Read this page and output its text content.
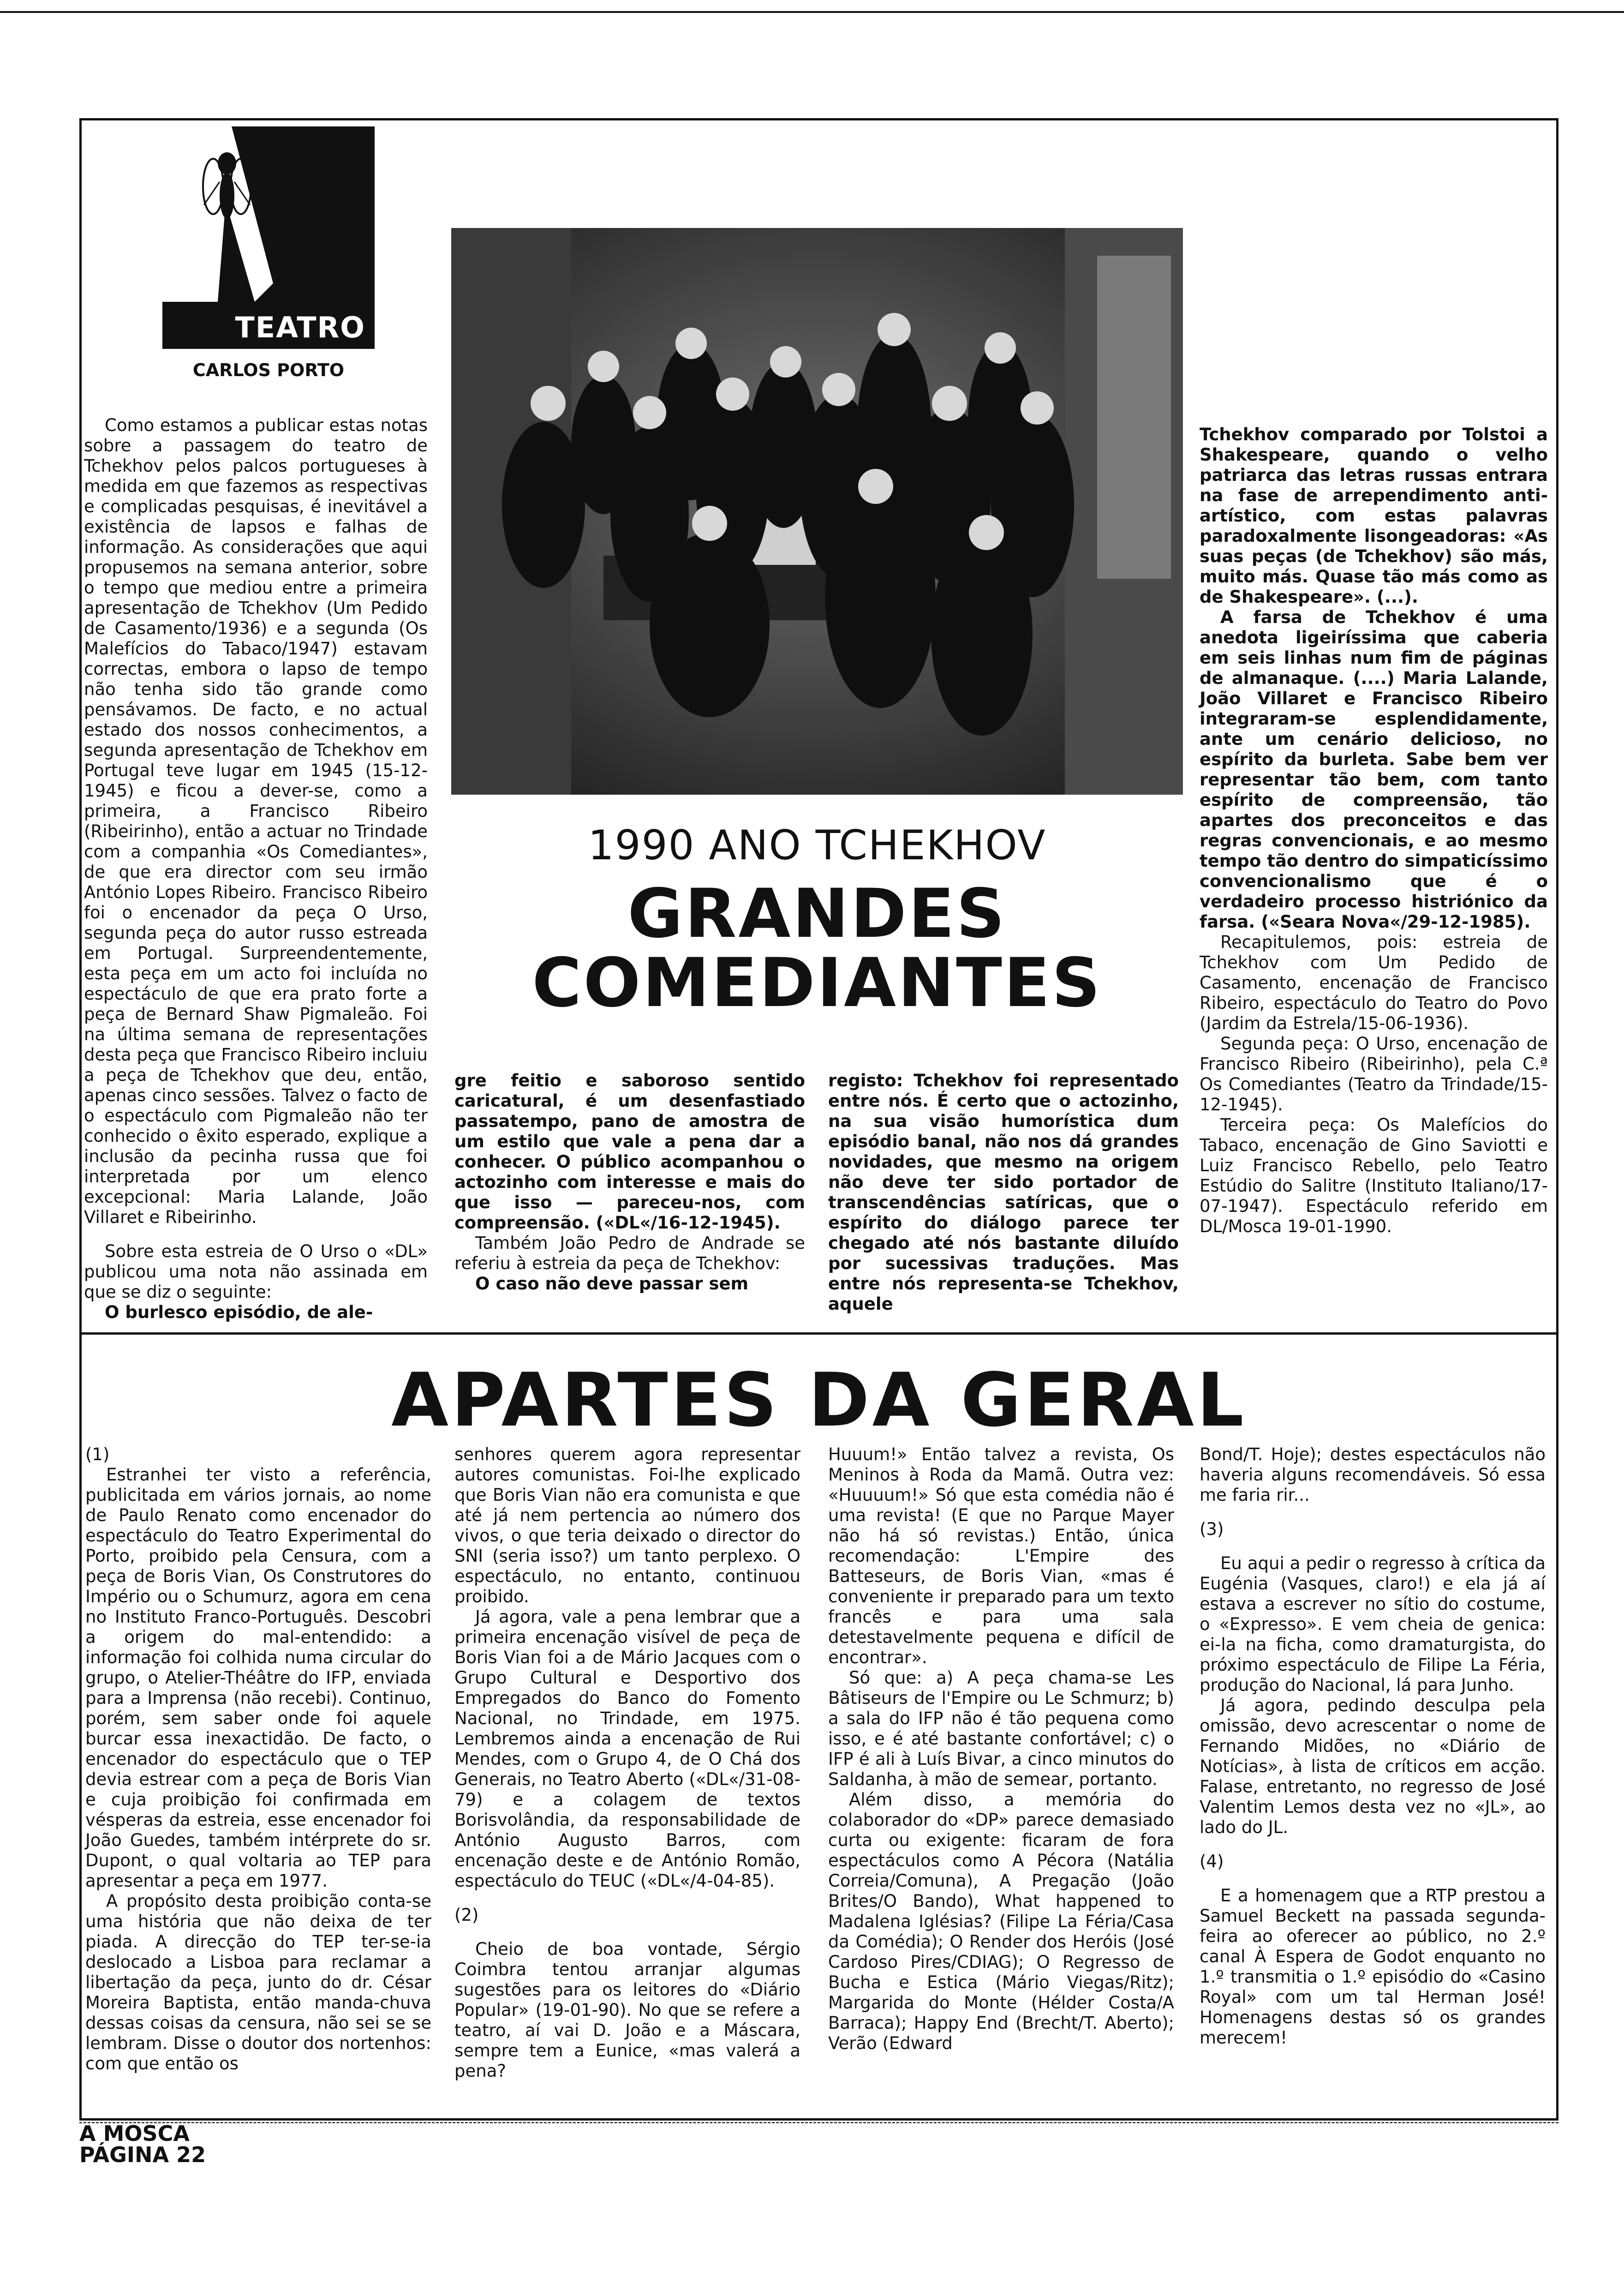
TEATRO
CARLOS PORTO
1990 ANO TCHEKHOV
GRANDES
COMEDIANTES

Como estamos a publicar estas notas sobre a passagem do teatro de Tchekhov pelos palcos portugueses à medida em que fazemos as respectivas e complicadas pesquisas, é inevitável a existência de lapsos e falhas de informação. As considerações que aqui propusemos na semana anterior, sobre o tempo que mediou entre a primeira apresentação de Tchekhov (Um Pedido de Casamento/1936) e a segunda (Os Malefícios do Tabaco/1947) estavam correctas, embora o lapso de tempo não tenha sido tão grande como pensávamos. De facto, e no actual estado dos nossos conhecimentos, a segunda apresentação de Tchekhov em Portugal teve lugar em 1945 (15-12-1945) e ficou a dever-se, como a primeira, a Francisco Ribeiro (Ribeirinho), então a actuar no Trindade com a companhia «Os Comediantes», de que era director com seu irmão António Lopes Ribeiro. Francisco Ribeiro foi o encenador da peça O Urso, segunda peça do autor russo estreada em Portugal. Surpreendentemente, esta peça em um acto foi incluída no espectáculo de que era prato forte a peça de Bernard Shaw Pigmaleão. Foi na última semana de representações desta peça que Francisco Ribeiro incluiu a peça de Tchekhov que deu, então, apenas cinco sessões. Talvez o facto de o espectáculo com Pigmaleão não ter conhecido o êxito esperado, explique a inclusão da pecinha russa que foi interpretada por um elenco excepcional: Maria Lalande, João Villaret e Ribeirinho.

Sobre esta estreia de O Urso o «DL» publicou uma nota não assinada em que se diz o seguinte:

O burlesco episódio, de ale-

gre feitio e saboroso sentido caricatural, é um desenfastiado passatempo, pano de amostra de um estilo que vale a pena dar a conhecer. O público acompanhou o actozinho com interesse e mais do que isso — pareceu-nos, com compreensão. («DL«/16-12-1945).

Também João Pedro de Andrade se referiu à estreia da peça de Tchekhov:

O caso não deve passar sem

registo: Tchekhov foi representado entre nós. É certo que o actozinho, na sua visão humorística dum episódio banal, não nos dá grandes novidades, que mesmo na origem não deve ter sido portador de transcendências satíricas, que o espírito do diálogo parece ter chegado até nós bastante diluído por sucessivas traduções. Mas entre nós representa-se Tchekhov, aquele

Tchekhov comparado por Tolstoi a Shakespeare, quando o velho patriarca das letras russas entrara na fase de arrependimento anti-artístico, com estas palavras paradoxalmente lisongeadoras: «As suas peças (de Tchekhov) são más, muito más. Quase tão más como as de Shakespeare». (...).

A farsa de Tchekhov é uma anedota ligeiríssima que caberia em seis linhas num fim de páginas de almanaque. (....) Maria Lalande, João Villaret e Francisco Ribeiro integraram-se esplendidamente, ante um cenário delicioso, no espírito da burleta. Sabe bem ver representar tão bem, com tanto espírito de compreensão, tão apartes dos preconceitos e das regras convencionais, e ao mesmo tempo tão dentro do simpaticíssimo convencionalismo que é o verdadeiro processo histriónico da farsa. («Seara Nova«/29-12-1985).

Recapitulemos, pois: estreia de Tchekhov com Um Pedido de Casamento, encenação de Francisco Ribeiro, espectáculo do Teatro do Povo (Jardim da Estrela/15-06-1936).

Segunda peça: O Urso, encenação de Francisco Ribeiro (Ribeirinho), pela C.ª Os Comediantes (Teatro da Trindade/15-12-1945).

Terceira peça: Os Malefícios do Tabaco, encenação de Gino Saviotti e Luiz Francisco Rebello, pelo Teatro Estúdio do Salitre (Instituto Italiano/17-07-1947). Espectáculo referido em DL/Mosca 19-01-1990.

APARTES DA GERAL

(1)

Estranhei ter visto a referência, publicitada em vários jornais, ao nome de Paulo Renato como encenador do espectáculo do Teatro Experimental do Porto, proibido pela Censura, com a peça de Boris Vian, Os Construtores do Império ou o Schumurz, agora em cena no Instituto Franco-Português. Descobri a origem do mal-entendido: a informação foi colhida numa circular do grupo, o Atelier-Théâtre do IFP, enviada para a Imprensa (não recebi). Continuo, porém, sem saber onde foi aquele burcar essa inexactidão. De facto, o encenador do espectáculo que o TEP devia estrear com a peça de Boris Vian e cuja proibição foi confirmada em vésperas da estreia, esse encenador foi João Guedes, também intérprete do sr. Dupont, o qual voltaria ao TEP para apresentar a peça em 1977.

A propósito desta proibição conta-se uma história que não deixa de ter piada. A direcção do TEP ter-se-ia deslocado a Lisboa para reclamar a libertação da peça, junto do dr. César Moreira Baptista, então manda-chuva dessas coisas da censura, não sei se se lembram. Disse o doutor dos nortenhos: com que então os

senhores querem agora representar autores comunistas. Foi-lhe explicado que Boris Vian não era comunista e que até já nem pertencia ao número dos vivos, o que teria deixado o director do SNI (seria isso?) um tanto perplexo. O espectáculo, no entanto, continuou proibido.

Já agora, vale a pena lembrar que a primeira encenação visível de peça de Boris Vian foi a de Mário Jacques com o Grupo Cultural e Desportivo dos Empregados do Banco do Fomento Nacional, no Trindade, em 1975. Lembremos ainda a encenação de Rui Mendes, com o Grupo 4, de O Chá dos Generais, no Teatro Aberto («DL«/31-08-79) e a colagem de textos Borisvolândia, da responsabilidade de António Augusto Barros, com encenação deste e de António Romão, espectáculo do TEUC («DL«/4-04-85).

(2)

Cheio de boa vontade, Sérgio Coimbra tentou arranjar algumas sugestões para os leitores do «Diário Popular» (19-01-90). No que se refere a teatro, aí vai D. João e a Máscara, sempre tem a Eunice, «mas valerá a pena?

Huuum!» Então talvez a revista, Os Meninos à Roda da Mamã. Outra vez: «Huuuum!» Só que esta comédia não é uma revista! (E que no Parque Mayer não há só revistas.) Então, única recomendação: L'Empire des Batteseurs, de Boris Vian, «mas é conveniente ir preparado para um texto francês e para uma sala detestavelmente pequena e difícil de encontrar».

Só que: a) A peça chama-se Les Bâtiseurs de l'Empire ou Le Schmurz; b) a sala do IFP não é tão pequena como isso, e é até bastante confortável; c) o IFP é ali à Luís Bivar, a cinco minutos do Saldanha, à mão de semear, portanto.

Além disso, a memória do colaborador do «DP» parece demasiado curta ou exigente: ficaram de fora espectáculos como A Pécora (Natália Correia/Comuna), A Pregação (João Brites/O Bando), What happened to Madalena Iglésias? (Filipe La Féria/Casa da Comédia); O Render dos Heróis (José Cardoso Pires/CDIAG); O Regresso de Bucha e Estica (Mário Viegas/Ritz); Margarida do Monte (Hélder Costa/A Barraca); Happy End (Brecht/T. Aberto); Verão (Edward

Bond/T. Hoje); destes espectáculos não haveria alguns recomendáveis. Só essa me faria rir...

(3)

Eu aqui a pedir o regresso à crítica da Eugénia (Vasques, claro!) e ela já aí estava a escrever no sítio do costume, o «Expresso». E vem cheia de genica: ei-la na ficha, como dramaturgista, do próximo espectáculo de Filipe La Féria, produção do Nacional, lá para Junho.

Já agora, pedindo desculpa pela omissão, devo acrescentar o nome de Fernando Midões, no «Diário de Notícias», à lista de críticos em acção. Falase, entretanto, no regresso de José Valentim Lemos desta vez no «JL», ao lado do JL.

(4)

E a homenagem que a RTP prestou a Samuel Beckett na passada segunda-feira ao oferecer ao público, no 2.º canal À Espera de Godot enquanto no 1.º transmitia o 1.º episódio do «Casino Royal» com um tal Herman José! Homenagens destas só os grandes merecem!

A MOSCA
PÁGINA 22
